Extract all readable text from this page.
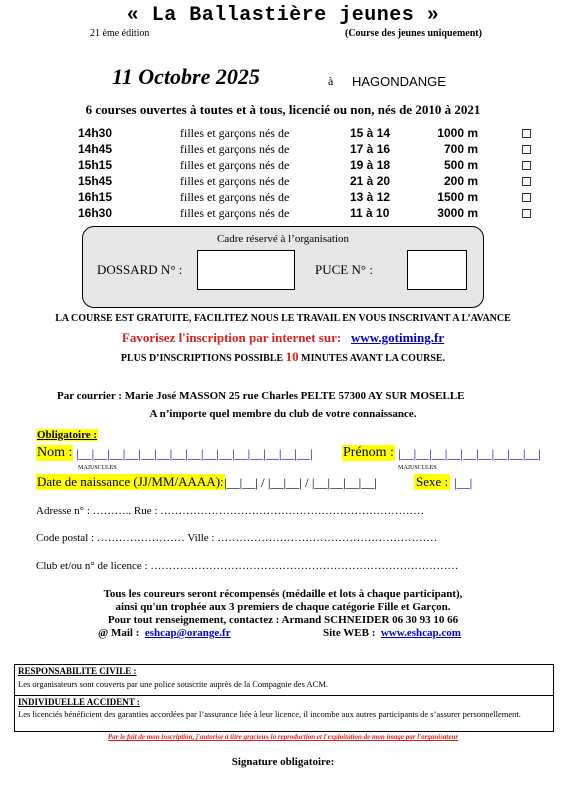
« La Ballastière jeunes »
21 ème édition	(Course des jeunes uniquement)
11 Octobre 2025	à HAGONDANGE
6 courses ouvertes à toutes et à tous, licencié ou non, nés de 2010 à 2021
14h30	filles et garçons nés de	15 à 14	1000 m
14h45	filles et garçons nés de	17 à 16	700 m
15h15	filles et garçons nés de	19 à 18	500 m
15h45	filles et garçons nés de	21 à 20	200 m
16h15	filles et garçons nés de	13 à 12	1500 m
16h30	filles et garçons nés de	11 à 10	3000 m
Cadre réservé à l’organisation
DOSSARD N° :	PUCE N° :
LA COURSE EST GRATUITE, FACILITEZ NOUS LE TRAVAIL EN VOUS INSCRIVANT A L’AVANCE
Favorisez l'inscription par internet sur: www.gotiming.fr
PLUS D’INSCRIPTIONS POSSIBLE 10 MINUTES AVANT LA COURSE.
Par courrier : Marie José MASSON 25 rue Charles PELTE 57300 AY SUR MOSELLE
A n’importe quel membre du club de votre connaissance.
Obligatoire :
Nom : |__|__|__|__|__|__|__|__|__|__|__|__|__|__|__| Prénom : |__|__|__|__|__|__|__|__|__|
MAJUSCULES	MAJUSCULES
Date de naissance (JJ/MM/AAAA): |__|__| / |__|__| / |__|__|__|__|	Sexe : |__|
Adresse n° : ……….. Rue : ………………………………………………………………
Code postal : …………………… Ville : ……………………………………………………
Club et/ou n° de licence : …………………………………………………………………………
Tous les coureurs seront récompensés (médaille et lots à chaque participant),
ainsi qu'un trophée aux 3 premiers de chaque catégorie Fille et Garçon.
Pour tout renseignement, contactez : Armand SCHNEIDER 06 30 93 10 66
@ Mail : eshcap@orange.fr	Site WEB : www.eshcap.com
RESPONSABILITE CIVILE :
Les organisateurs sont couverts par une police souscrite auprès de la Compagnie des ACM.
INDIVIDUELLE ACCIDENT :
Les licenciés bénéficient des garanties accordées par l’assurance liée à leur licence, il incombe aux autres participants de s’assurer personnellement.
Par le fait de mon inscription, j'autorise à titre gracieux la reproduction et l'exploitation de mon image par l'organisateur
Signature obligatoire:
